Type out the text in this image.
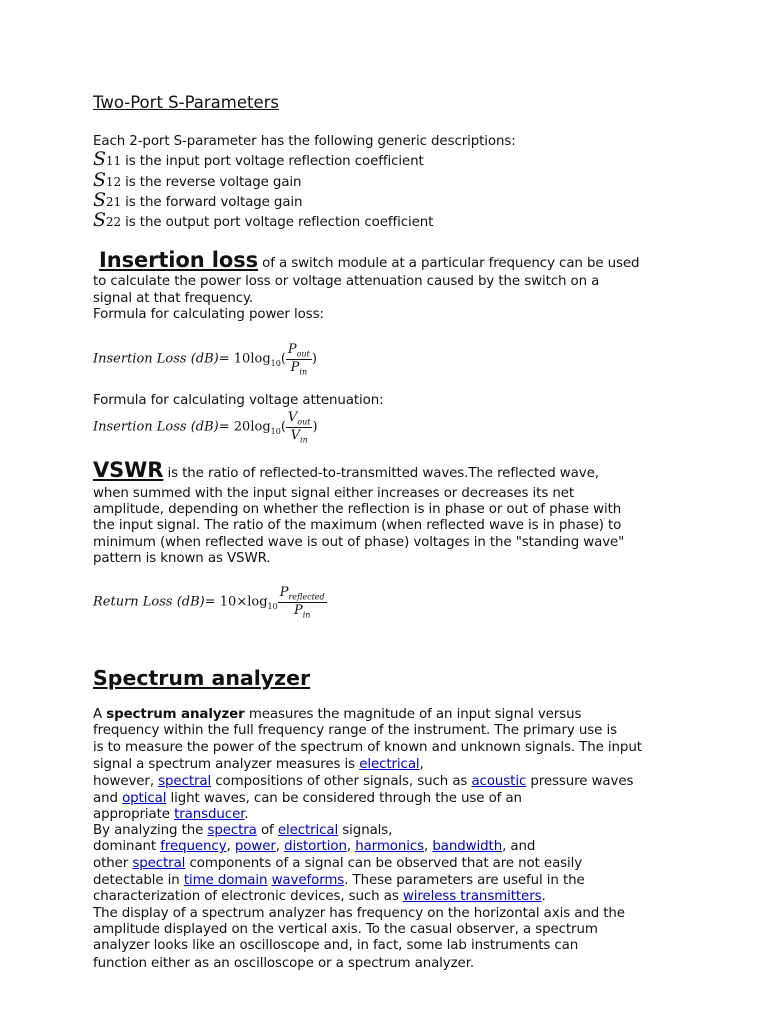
Two-Port S-Parameters
Each 2-port S-parameter has the following generic descriptions:
S11 is the input port voltage reflection coefficient
S12 is the reverse voltage gain
S21 is the forward voltage gain
S22 is the output port voltage reflection coefficient
Insertion loss of a switch module at a particular frequency can be used
to calculate the power loss or voltage attenuation caused by the switch on a
signal at that frequency.
Formula for calculating power loss:
Insertion Loss $(dB)= 10\log_{10}( \frac{P_{out}}{P_{in}}$ )
Formula for calculating voltage attenuation:
Insertion Loss $(dB)= 20\log_{10}( \frac{V_{out}}{V_{in}}$ )
VSWR is the ratio of reflected-to-transmitted waves.The reflected wave,
when summed with the input signal either increases or decreases its net
amplitude, depending on whether the reflection is in phase or out of phase with
the input signal. The ratio of the maximum (when reflected wave is in phase) to
minimum (when reflected wave is out of phase) voltages in the "standing wave"
pattern is known as VSWR.
Return Loss $(dB)= 10\times\log_{10} \frac{P_{reflected}}{P_{in}}$
Spectrum analyzer
A spectrum analyzer measures the magnitude of an input signal versus
frequency within the full frequency range of the instrument. The primary use is
is to measure the power of the spectrum of known and unknown signals. The input
signal a spectrum analyzer measures is electrical,
however, spectral compositions of other signals, such as acoustic pressure waves
and optical light waves, can be considered through the use of an
appropriate transducer.
By analyzing the spectra of electrical signals,
dominant frequency, power, distortion, harmonics, bandwidth, and
other spectral components of a signal can be observed that are not easily
detectable in time domain waveforms. These parameters are useful in the
characterization of electronic devices, such as wireless transmitters.
The display of a spectrum analyzer has frequency on the horizontal axis and the
amplitude displayed on the vertical axis. To the casual observer, a spectrum
analyzer looks like an oscilloscope and, in fact, some lab instruments can
function either as an oscilloscope or a spectrum analyzer.
